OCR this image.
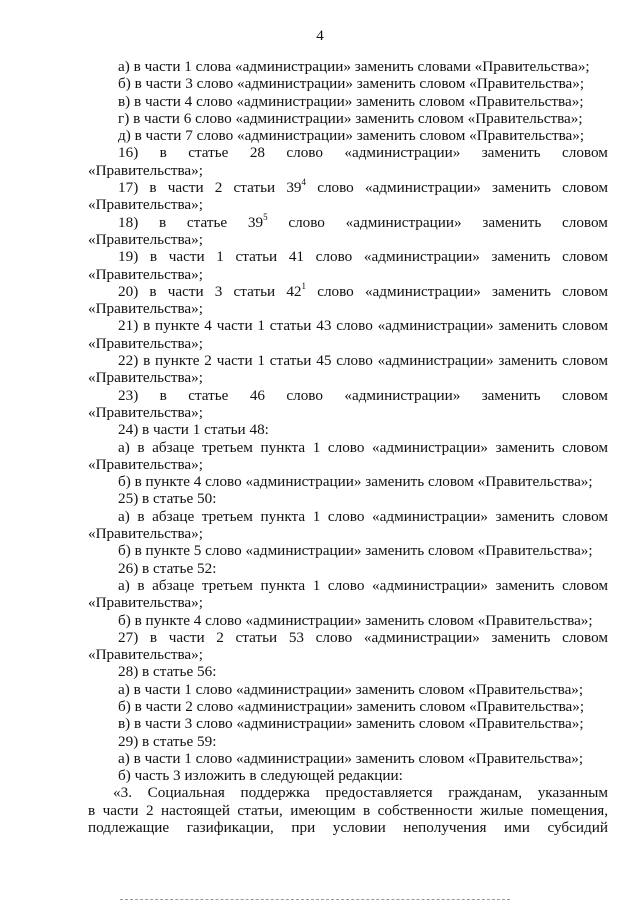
4

а) в части 1 слова «администрации» заменить словами «Правительства»;

б) в части 3 слово «администрации» заменить словом «Правительства»;

в) в части 4 слово «администрации» заменить словом «Правительства»;

г) в части 6 слово «администрации» заменить словом «Правительства»;

д) в части 7 слово «администрации» заменить словом «Правительства»;

16) в статье 28 слово «администрации» заменить словом

«Правительства»;

17) в части 2 статьи $39^4$ слово «администрации» заменить словом

«Правительства»;

18) в статье $39^5$ слово «администрации» заменить словом

«Правительства»;

19) в части 1 статьи 41 слово «администрации» заменить словом

«Правительства»;

20) в части 3 статьи $42^1$ слово «администрации» заменить словом

«Правительства»;

21) в пункте 4 части 1 статьи 43 слово «администрации» заменить словом

«Правительства»;

22) в пункте 2 части 1 статьи 45 слово «администрации» заменить словом

«Правительства»;

23) в статье 46 слово «администрации» заменить словом

«Правительства»;

24) в части 1 статьи 48:

а) в абзаце третьем пункта 1 слово «администрации» заменить словом

«Правительства»;

б) в пункте 4 слово «администрации» заменить словом «Правительства»;

25) в статье 50:

а) в абзаце третьем пункта 1 слово «администрации» заменить словом

«Правительства»;

б) в пункте 5 слово «администрации» заменить словом «Правительства»;

26) в статье 52:

а) в абзаце третьем пункта 1 слово «администрации» заменить словом

«Правительства»;

б) в пункте 4 слово «администрации» заменить словом «Правительства»;

27) в части 2 статьи 53 слово «администрации» заменить словом

«Правительства»;

28) в статье 56:

а) в части 1 слово «администрации» заменить словом «Правительства»;

б) в части 2 слово «администрации» заменить словом «Правительства»;

в) в части 3 слово «администрации» заменить словом «Правительства»;

29) в статье 59:

а) в части 1 слово «администрации» заменить словом «Правительства»;

б) часть 3 изложить в следующей редакции:

«3. Социальная поддержка предоставляется гражданам, указанным

в части 2 настоящей статьи, имеющим в собственности жилые помещения,

подлежащие газификации, при условии неполучения ими субсидий
